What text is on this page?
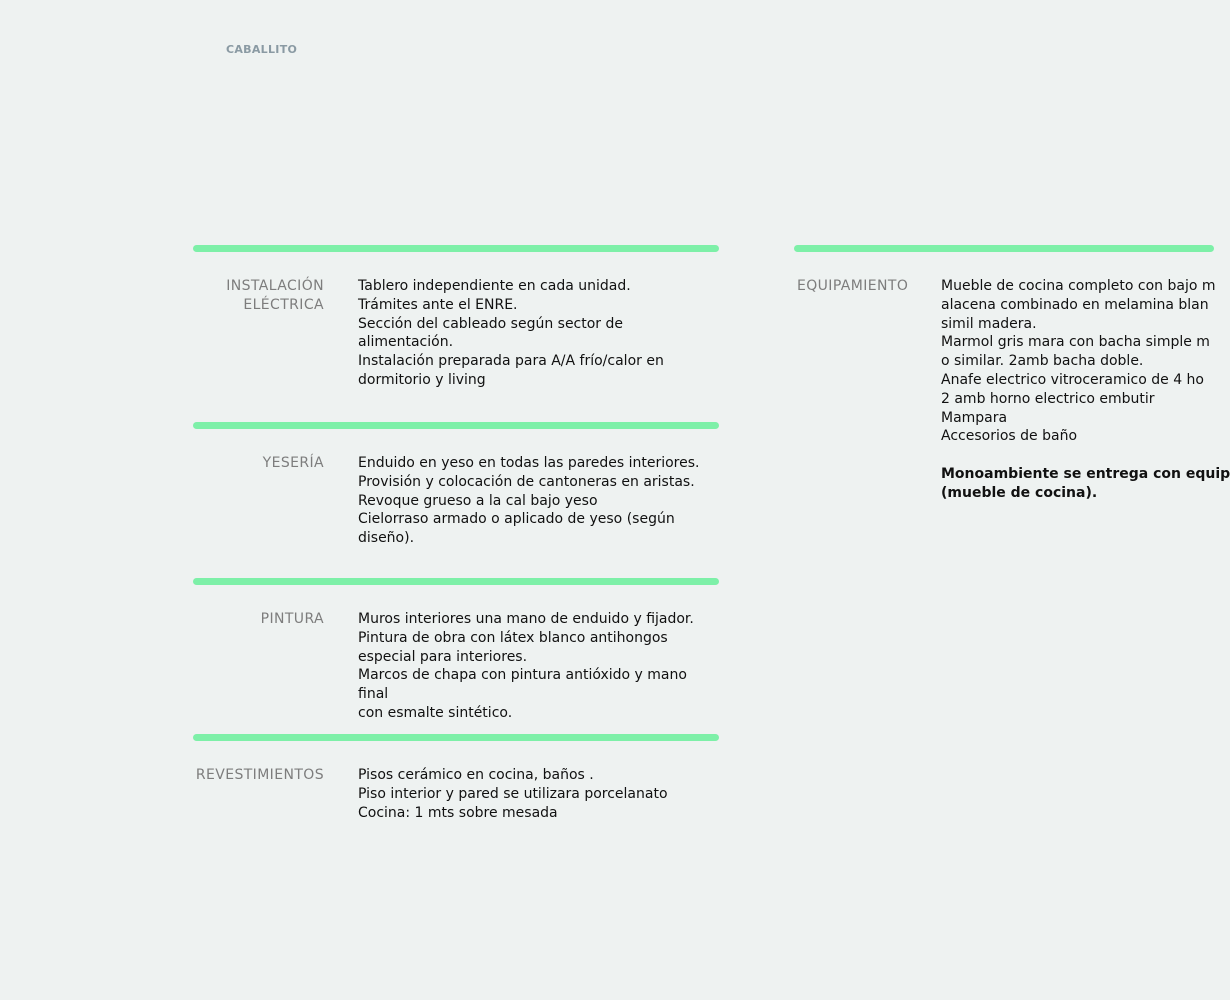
CABALLITO
INSTALACIÓN
ELÉCTRICA
Tablero independiente en cada unidad.
Trámites ante el ENRE.
Sección del cableado según sector de
alimentación.
Instalación preparada para A/A frío/calor en
dormitorio y living
YESERÍA Enduido en yeso en todas las paredes interiores.
Provisión y colocación de cantoneras en aristas.
Revoque grueso a la cal bajo yeso
Cielorraso armado o aplicado de yeso (según
diseño).
PINTURA Muros interiores una mano de enduido y fijador.
Pintura de obra con látex blanco antihongos
especial para interiores.
Marcos de chapa con pintura antióxido y mano final
con esmalte sintético.
REVESTIMIENTOS Pisos cerámico en cocina, baños .
Piso interior y pared se utilizara porcelanato
Cocina: 1 mts sobre mesada
EQUIPAMIENTO	Mueble de cocina completo con bajo m
alacena combinado en melamina blan
simil madera.
Marmol gris mara con bacha simple m
o similar. 2amb bacha doble.
Anafe electrico vitroceramico de 4 ho
2 amb horno electrico embutir
Mampara
Accesorios de baño
Monoambiente se entrega con equip
(mueble de cocina).
